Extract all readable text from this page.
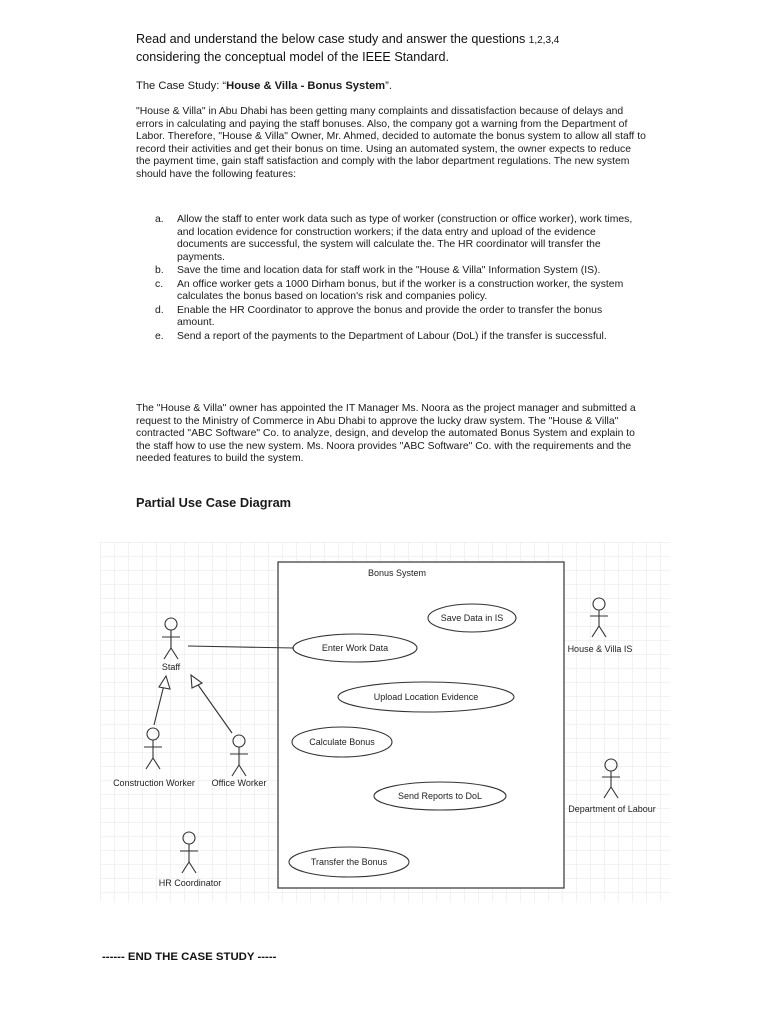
Read and understand the below case study and answer the questions 1,2,3,4
considering the conceptual model of the IEEE Standard.
The Case Study: “House & Villa - Bonus System”.

"House & Villa" in Abu Dhabi has been getting many complaints and dissatisfaction because of delays and errors in calculating and paying the staff bonuses. Also, the company got a warning from the Department of Labor. Therefore, "House & Villa" Owner, Mr. Ahmed, decided to automate the bonus system to allow all staff to record their activities and get their bonus on time. Using an automated system, the owner expects to reduce the payment time, gain staff satisfaction and comply with the labor department regulations. The new system should have the following features:

a. Allow the staff to enter work data such as type of worker (construction or office worker), work times, and location evidence for construction workers; if the data entry and upload of the evidence documents are successful, the system will calculate the. The HR coordinator will transfer the payments.
b. Save the time and location data for staff work in the "House & Villa" Information System (IS).
c. An office worker gets a 1000 Dirham bonus, but if the worker is a construction worker, the system calculates the bonus based on location's risk and companies policy.
d. Enable the HR Coordinator to approve the bonus and provide the order to transfer the bonus amount.
e. Send a report of the payments to the Department of Labour (DoL) if the transfer is successful.

The "House & Villa" owner has appointed the IT Manager Ms. Noora as the project manager and submitted a request to the Ministry of Commerce in Abu Dhabi to approve the lucky draw system. The "House & Villa" contracted "ABC Software" Co. to analyze, design, and develop the automated Bonus System and explain to the staff how to use the new system. Ms. Noora provides "ABC Software" Co. with the requirements and the needed features to build the system.

Partial Use Case Diagram
Bonus System
Save Data in IS
Enter Work Data
Upload Location Evidence
Calculate Bonus
Send Reports to DoL
Transfer the Bonus
Staff
Construction Worker Office Worker
HR Coordinator
House & Villa IS
Department of Labour
------ END THE CASE STUDY -----
